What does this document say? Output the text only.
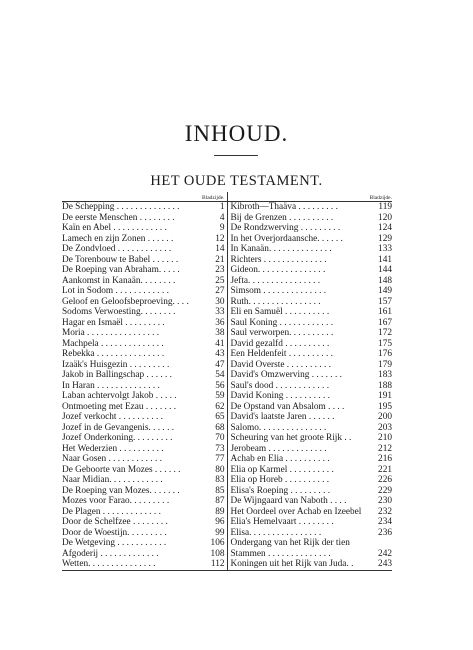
INHOUD.
HET OUDE TESTAMENT.
	Bladzijde.		Bladzijde.
De Schepping . . . . . . . . . . . . . .	1	Kibroth—Thaäva . . . . . . . . .	119
De eerste Menschen . . . . . . . .	4	Bij de Grenzen . . . . . . . . . .	120
Kaïn en Abel . . . . . . . . . . . .	9	De Rondzwerving . . . . . . . . .	124
Lamech en zijn Zonen . . . . . .	12	In het Overjordaansche. . . . . .	129
De Zondvloed . . . . . . . . . . . .	14	In Kanaän. . . . . . . . . . . . . .	133
De Torenbouw te Babel . . . . . .	21	Richters . . . . . . . . . . . . . .	141
De Roeping van Abraham. . . . .	23	Gideon. . . . . . . . . . . . . . .	144
Aankomst in Kanaän. . . . . . . .	25	Jefta. . . . . . . . . . . . . . . .	148
Lot in Sodom . . . . . . . . . . . .	27	Simsom . . . . . . . . . . . . . .	149
Geloof en Geloofsbeproeving. . . .	30	Ruth. . . . . . . . . . . . . . . .	157
Sodoms Verwoesting. . . . . . . .	33	Eli en Samuël . . . . . . . . . .	161
Hagar en Ismaël . . . . . . . . .	36	Saul Koning . . . . . . . . . . . .	167
Moria . . . . . . . . . . . . . . . .	38	Saul verworpen. . . . . . . . . .	172
Machpela . . . . . . . . . . . . . .	41	David gezalfd . . . . . . . . . .	175
Rebekka . . . . . . . . . . . . . . .	43	Een Heldenfeit . . . . . . . . . .	176
Izaäk's Huisgezin . . . . . . . . .	47	David Overste . . . . . . . . . .	179
Jakob in Ballingschap . . . . . .	54	David's Omzwerving . . . . . . .	183
In Haran . . . . . . . . . . . . . .	56	Saul's dood . . . . . . . . . . . .	188
Laban achtervolgt Jakob . . . . .	59	David Koning . . . . . . . . . .	191
Ontmoeting met Ezau . . . . . . .	62	De Opstand van Absalom . . . .	195
Jozef verkocht . . . . . . . . . .	65	David's laatste Jaren . . . . . .	200
Jozef in de Gevangenis. . . . . .	68	Salomo. . . . . . . . . . . . . . .	203
Jozef Onderkoning. . . . . . . . .	70	Scheuring van het groote Rijk . .	210
Het Wederzien . . . . . . . . . .	73	Jerobeam . . . . . . . . . . . . .	212
Naar Gosen . . . . . . . . . . . .	77	Achab en Elia . . . . . . . . . .	216
De Geboorte van Mozes . . . . . .	80	Elia op Karmel . . . . . . . . . .	221
Naar Midian. . . . . . . . . . . .	83	Elia op Horeb . . . . . . . . . .	226
De Roeping van Mozes. . . . . . .	85	Elisa's Roeping . . . . . . . . .	229
Mozes voor Farao. . . . . . . . .	87	De Wijngaard van Naboth . . . .	230
De Plagen . . . . . . . . . . . . .	89	Het Oordeel over Achab en Izeebel	232
Door de Schelfzee . . . . . . . .	96	Elia's Hemelvaart . . . . . . . .	234
Door de Woestijn. . . . . . . . .	99	Elisa. . . . . . . . . . . . . . . .	236
De Wetgeving . . . . . . . . . . .	106	Ondergang van het Rijk der tien	
Afgoderij . . . . . . . . . . . . .	108	Stammen . . . . . . . . . . . . . .	242
Wetten. . . . . . . . . . . . . . .	112	Koningen uit het Rijk van Juda. .	243
